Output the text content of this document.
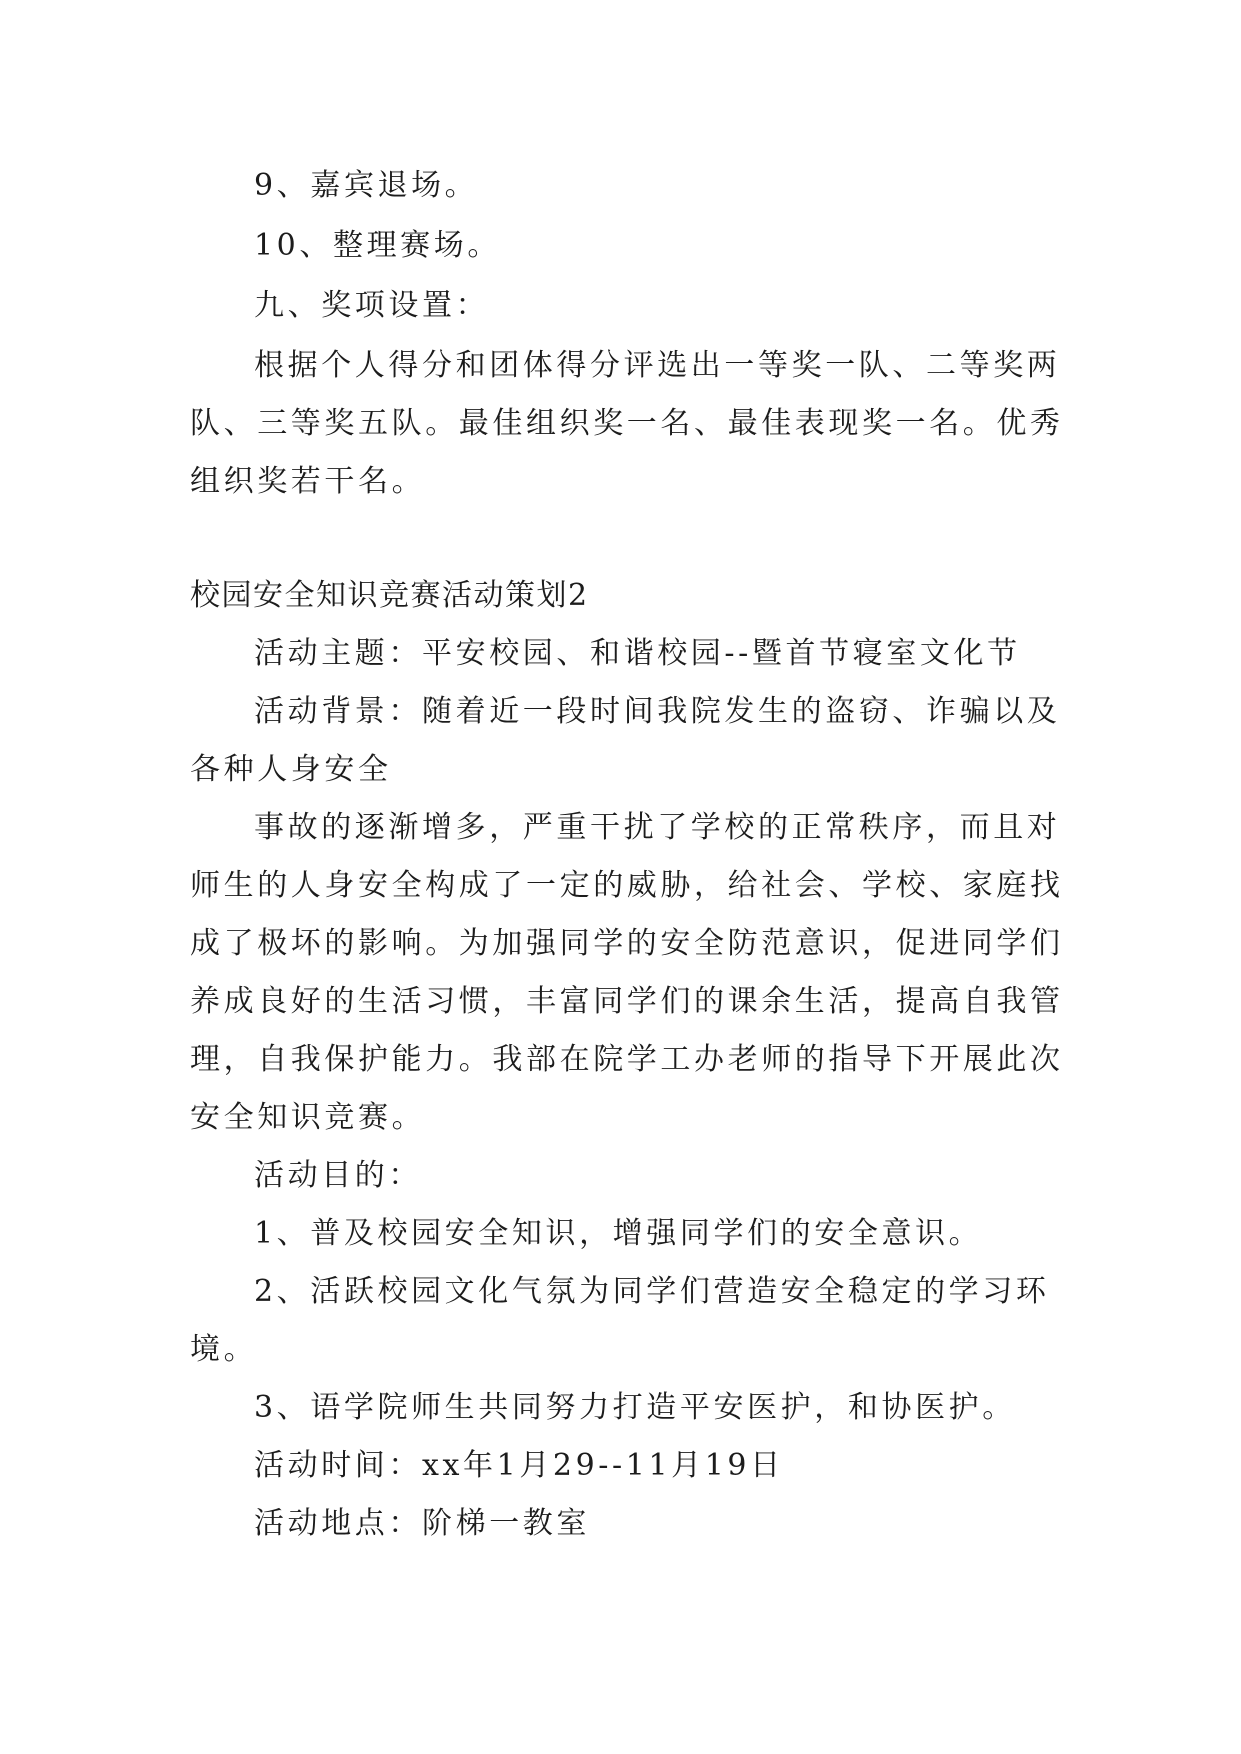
9、嘉宾退场。

10、整理赛场。

九、奖项设置：

根据个人得分和团体得分评选出一等奖一队、二等奖两

队、三等奖五队。最佳组织奖一名、最佳表现奖一名。优秀

组织奖若干名。

校园安全知识竞赛活动策划2

活动主题：平安校园、和谐校园--暨首节寝室文化节

活动背景：随着近一段时间我院发生的盗窃、诈骗以及

各种人身安全

事故的逐渐增多，严重干扰了学校的正常秩序，而且对

师生的人身安全构成了一定的威胁，给社会、学校、家庭找

成了极坏的影响。为加强同学的安全防范意识，促进同学们

养成良好的生活习惯，丰富同学们的课余生活，提高自我管

理，自我保护能力。我部在院学工办老师的指导下开展此次

安全知识竞赛。

活动目的：

1、普及校园安全知识，增强同学们的安全意识。

2、活跃校园文化气氛为同学们营造安全稳定的学习环

境。

3、语学院师生共同努力打造平安医护，和协医护。

活动时间：xx年1月29--11月19日

活动地点：阶梯一教室
